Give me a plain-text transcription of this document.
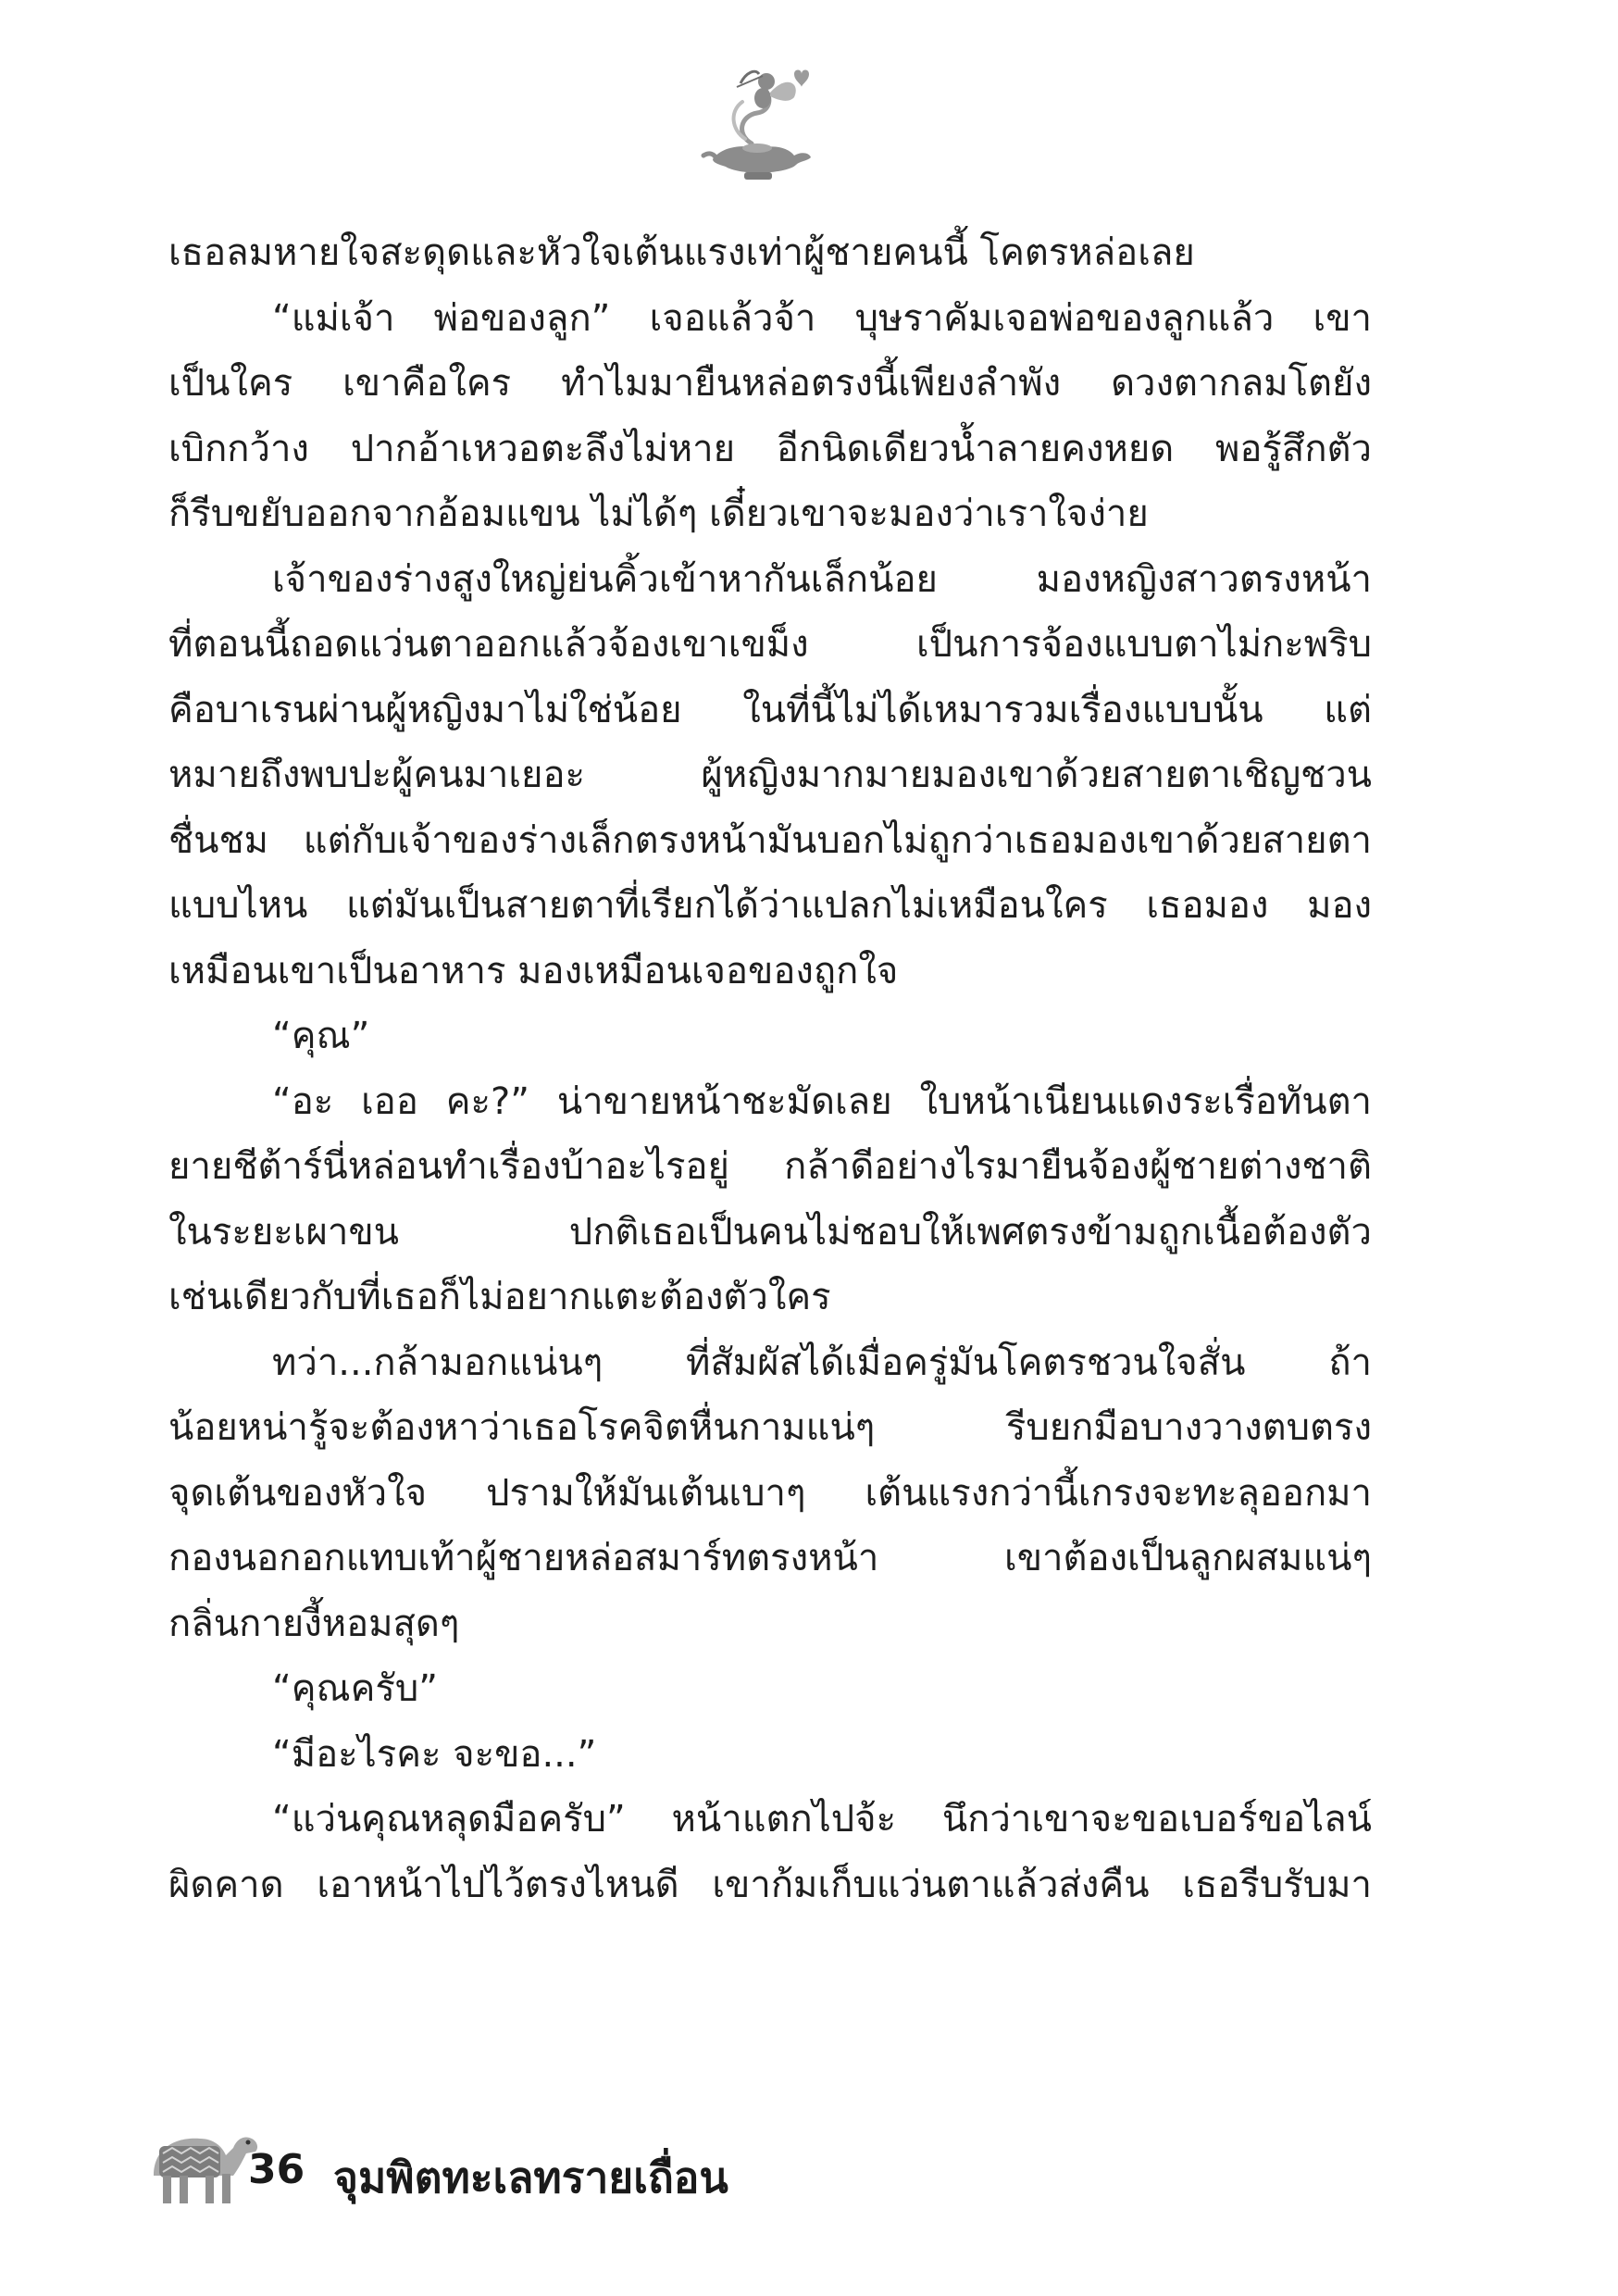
เธอลมหายใจสะดุดและหัวใจเต้นแรงเท่าผู้ชายคนนี้ โคตรหล่อเลย
“แม่เจ้า พ่อของลูก” เจอแล้วจ้า บุษราคัมเจอพ่อของลูกแล้ว เขา
เป็นใคร เขาคือใคร ทำไมมายืนหล่อตรงนี้เพียงลำพัง ดวงตากลมโตยัง
เบิกกว้าง ปากอ้าเหวอตะลึงไม่หาย อีกนิดเดียวน้ำลายคงหยด พอรู้สึกตัว
ก็รีบขยับออกจากอ้อมแขน ไม่ได้ๆ เดี๋ยวเขาจะมองว่าเราใจง่าย
เจ้าของร่างสูงใหญ่ย่นคิ้วเข้าหากันเล็กน้อย มองหญิงสาวตรงหน้า
ที่ตอนนี้ถอดแว่นตาออกแล้วจ้องเขาเขม็ง เป็นการจ้องแบบตาไม่กะพริบ
คือบาเรนผ่านผู้หญิงมาไม่ใช่น้อย ในที่นี้ไม่ได้เหมารวมเรื่องแบบนั้น แต่
หมายถึงพบปะผู้คนมาเยอะ ผู้หญิงมากมายมองเขาด้วยสายตาเชิญชวน
ชื่นชม แต่กับเจ้าของร่างเล็กตรงหน้ามันบอกไม่ถูกว่าเธอมองเขาด้วยสายตา
แบบไหน แต่มันเป็นสายตาที่เรียกได้ว่าแปลกไม่เหมือนใคร เธอมอง มอง
เหมือนเขาเป็นอาหาร มองเหมือนเจอของถูกใจ
“คุณ”
“อะ เออ คะ?” น่าขายหน้าชะมัดเลย ใบหน้าเนียนแดงระเรื่อทันตา
ยายชีต้าร์นี่หล่อนทำเรื่องบ้าอะไรอยู่ กล้าดีอย่างไรมายืนจ้องผู้ชายต่างชาติ
ในระยะเผาขน ปกติเธอเป็นคนไม่ชอบให้เพศตรงข้ามถูกเนื้อต้องตัว
เช่นเดียวกับที่เธอก็ไม่อยากแตะต้องตัวใคร
ทว่า...กล้ามอกแน่นๆ ที่สัมผัสได้เมื่อครู่มันโคตรชวนใจสั่น ถ้า
น้อยหน่ารู้จะต้องหาว่าเธอโรคจิตหื่นกามแน่ๆ รีบยกมือบางวางตบตรง
จุดเต้นของหัวใจ ปรามให้มันเต้นเบาๆ เต้นแรงกว่านี้เกรงจะทะลุออกมา
กองนอกอกแทบเท้าผู้ชายหล่อสมาร์ทตรงหน้า เขาต้องเป็นลูกผสมแน่ๆ
กลิ่นกายงี้หอมสุดๆ
“คุณครับ”
“มีอะไรคะ จะขอ...”
“แว่นคุณหลุดมือครับ” หน้าแตกไปจ้ะ นึกว่าเขาจะขอเบอร์ขอไลน์
ผิดคาด เอาหน้าไปไว้ตรงไหนดี เขาก้มเก็บแว่นตาแล้วส่งคืน เธอรีบรับมา
36 จุมพิตทะเลทรายเถื่อน
